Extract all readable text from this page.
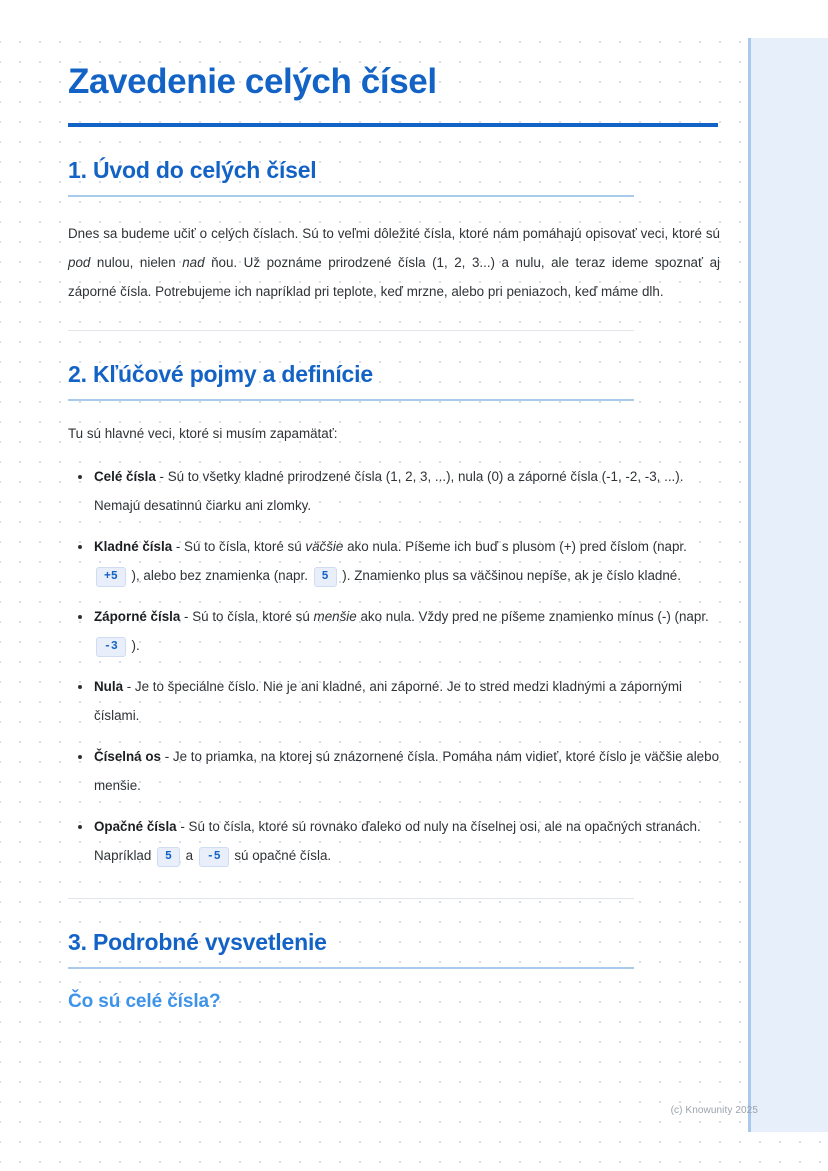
Zavedenie celých čísel
1. Úvod do celých čísel

Dnes sa budeme učiť o celých číslach. Sú to veľmi dôležité čísla, ktoré nám pomáhajú opisovať veci, ktoré sú pod nulou, nielen nad ňou. Už poznáme prirodzené čísla (1, 2, 3...) a nulu, ale teraz ideme spoznať aj záporné čísla. Potrebujeme ich napríklad pri teplote, keď mrzne, alebo pri peniazoch, keď máme dlh.

2. Kľúčové pojmy a definície

Tu sú hlavné veci, ktoré si musím zapamätať:

Celé čísla - Sú to všetky kladné prirodzené čísla (1, 2, 3, ...), nula (0) a záporné čísla (-1, -2, -3, ...). Nemajú desatinnú čiarku ani zlomky.
Kladné čísla - Sú to čísla, ktoré sú väčšie ako nula. Píšeme ich buď s plusom (+) pred číslom (napr. +5 ), alebo bez znamienka (napr. 5 ). Znamienko plus sa väčšinou nepíše, ak je číslo kladné.
Záporné čísla - Sú to čísla, ktoré sú menšie ako nula. Vždy pred ne píšeme znamienko mínus (-) (napr. -3 ).
Nula - Je to špeciálne číslo. Nie je ani kladné, ani záporné. Je to stred medzi kladnými a zápornými číslami.
Číselná os - Je to priamka, na ktorej sú znázornené čísla. Pomáha nám vidieť, ktoré číslo je väčšie alebo menšie.
Opačné čísla - Sú to čísla, ktoré sú rovnako ďaleko od nuly na číselnej osi, ale na opačných stranách. Napríklad 5 a -5 sú opačné čísla.
3. Podrobné vysvetlenie
Čo sú celé čísla?
(c) Knowunity 2025
